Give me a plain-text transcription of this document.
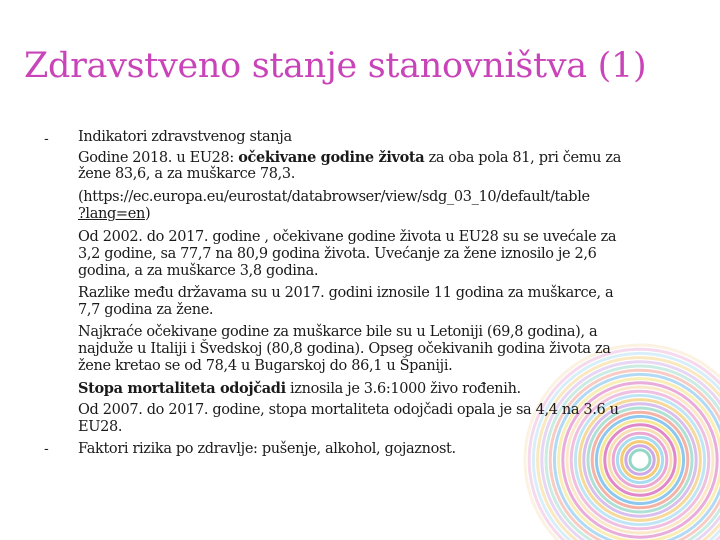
Zdravstveno stanje stanovništva (1)
-
-
Indikatori zdravstvenog stanja
Godine 2018. u EU28: očekivane godine života za oba pola 81, pri čemu za
žene 83,6, a za muškarce 78,3.
(https://ec.europa.eu/eurostat/databrowser/view/sdg_03_10/default/table
?lang=en)
Od 2002. do 2017. godine , očekivane godine života u EU28 su se uvećale za
3,2 godine, sa 77,7 na 80,9 godina života. Uvećanje za žene iznosilo je 2,6
godina, a za muškarce 3,8 godina.
Razlike među državama su u 2017. godini iznosile 11 godina za muškarce, a
7,7 godina za žene.
Najkraće očekivane godine za muškarce bile su u Letoniji (69,8 godina), a
najduže u Italiji i Švedskoj (80,8 godina). Opseg očekivanih godina života za
žene kretao se od 78,4 u Bugarskoj do 86,1 u Španiji.
Stopa mortaliteta odojčadi iznosila je 3.6:1000 živo rođenih.
Od 2007. do 2017. godine, stopa mortaliteta odojčadi opala je sa 4,4 na 3.6 u
EU28.
Faktori rizika po zdravlje: pušenje, alkohol, gojaznost.
